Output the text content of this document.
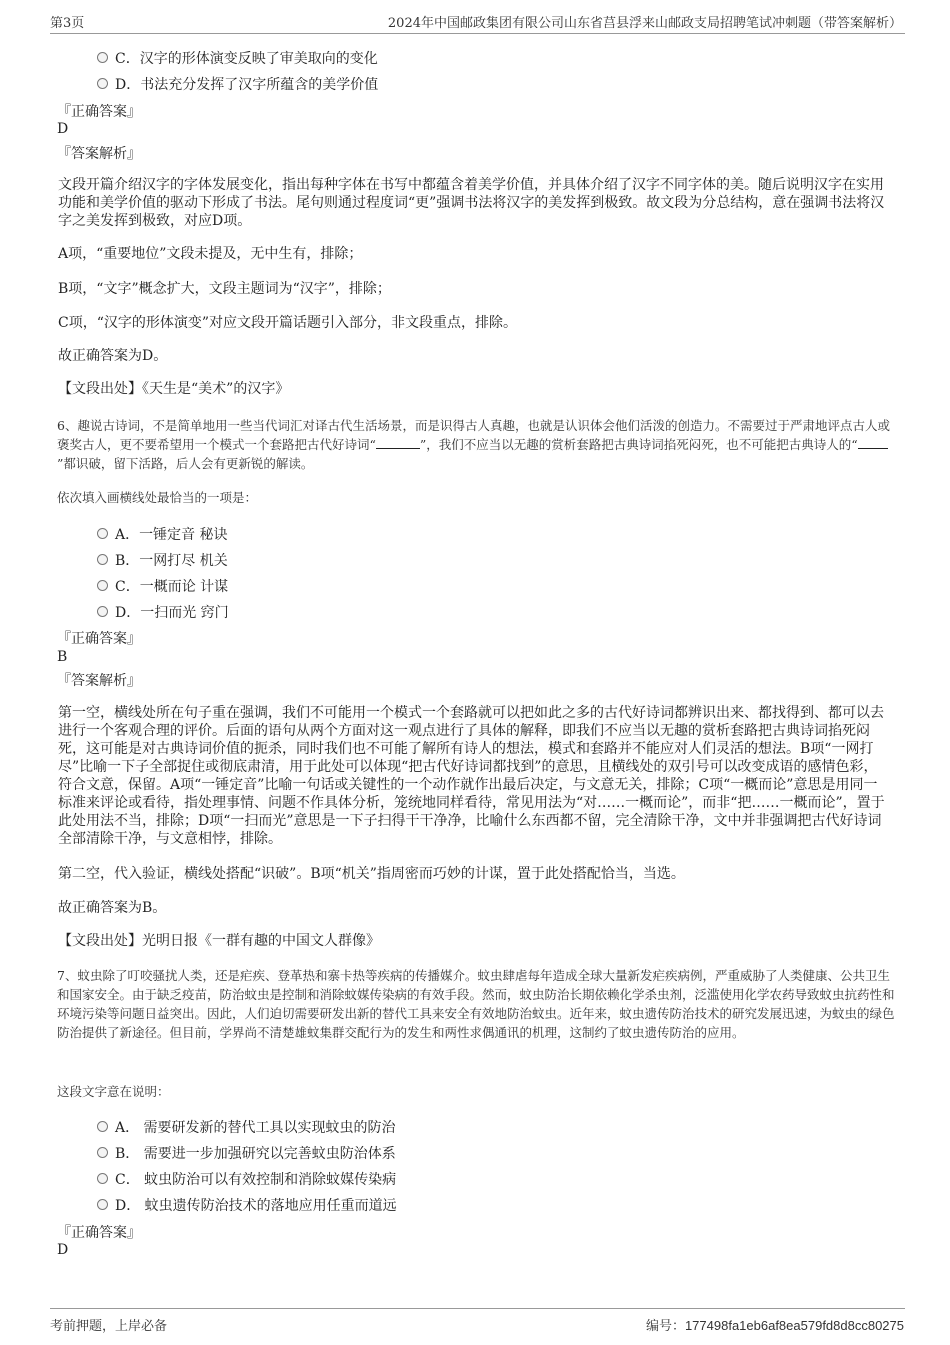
第3页	2024年中国邮政集团有限公司山东省莒县浮来山邮政支局招聘笔试冲刺题（带答案解析）
C．汉字的形体演变反映了审美取向的变化
D．书法充分发挥了汉字所蕴含的美学价值
『正确答案』
D
『答案解析』
文段开篇介绍汉字的字体发展变化，指出每种字体在书写中都蕴含着美学价值，并具体介绍了汉字不同字体的美。随后说明汉字在实用功能和美学价值的驱动下形成了书法。尾句则通过程度词“更”强调书法将汉字的美发挥到极致。故文段为分总结构，意在强调书法将汉字之美发挥到极致，对应D项。
A项，“重要地位”文段未提及，无中生有，排除；
B项，“文字”概念扩大，文段主题词为“汉字”，排除；
C项，“汉字的形体演变”对应文段开篇话题引入部分，非文段重点，排除。
故正确答案为D。
【文段出处】《天生是“美术”的汉字》
6、趣说古诗词，不是简单地用一些当代词汇对译古代生活场景，而是识得古人真趣，也就是认识体会他们活泼的创造力。不需要过于严肃地评点古人或褒奖古人，更不要希望用一个模式一个套路把古代好诗词“	”，我们不应当以无趣的赏析套路把古典诗词掐死闷死，也不可能把古典诗人的“”都识破，留下活路，后人会有更新锐的解读。
依次填入画横线处最恰当的一项是：
A．一锤定音 秘诀
B．一网打尽 机关
C．一概而论 计谋
D．一扫而光 窍门
『正确答案』
B
『答案解析』
第一空，横线处所在句子重在强调，我们不可能用一个模式一个套路就可以把如此之多的古代好诗词都辨识出来、都找得到、都可以去进行一个客观合理的评价。后面的语句从两个方面对这一观点进行了具体的解释，即我们不应当以无趣的赏析套路把古典诗词掐死闷死，这可能是对古典诗词价值的扼杀，同时我们也不可能了解所有诗人的想法，模式和套路并不能应对人们灵活的想法。B项“一网打尽”比喻一下子全部捉住或彻底肃清，用于此处可以体现“把古代好诗词都找到”的意思，且横线处的双引号可以改变成语的感情色彩，符合文意，保留。A项“一锤定音”比喻一句话或关键性的一个动作就作出最后决定，与文意无关，排除；C项“一概而论”意思是用同一标准来评论或看待，指处理事情、问题不作具体分析，笼统地同样看待，常见用法为“对……一概而论”，而非“把……一概而论”，置于此处用法不当，排除；D项“一扫而光”意思是一下子扫得干干净净，比喻什么东西都不留，完全清除干净，文中并非强调把古代好诗词全部清除干净，与文意相悖，排除。
第二空，代入验证，横线处搭配“识破”。B项“机关”指周密而巧妙的计谋，置于此处搭配恰当，当选。
故正确答案为B。
【文段出处】光明日报《一群有趣的中国文人群像》
7、蚊虫除了叮咬骚扰人类，还是疟疾、登革热和寨卡热等疾病的传播媒介。蚊虫肆虐每年造成全球大量新发疟疾病例，严重威胁了人类健康、公共卫生和国家安全。由于缺乏疫苗，防治蚊虫是控制和消除蚊媒传染病的有效手段。然而，蚊虫防治长期依赖化学杀虫剂，泛滥使用化学农药导致蚊虫抗药性和环境污染等问题日益突出。因此，人们迫切需要研发出新的替代工具来安全有效地防治蚊虫。近年来，蚊虫遗传防治技术的研究发展迅速，为蚊虫的绿色防治提供了新途径。但目前，学界尚不清楚雄蚊集群交配行为的发生和两性求偶通讯的机理，这制约了蚊虫遗传防治的应用。
这段文字意在说明：
A． 需要研发新的替代工具以实现蚊虫的防治
B． 需要进一步加强研究以完善蚊虫防治体系
C． 蚊虫防治可以有效控制和消除蚊媒传染病
D． 蚊虫遗传防治技术的落地应用任重而道远
『正确答案』
D
考前押题，上岸必备	编号：177498fa1eb6af8ea579fd8d8cc80275
